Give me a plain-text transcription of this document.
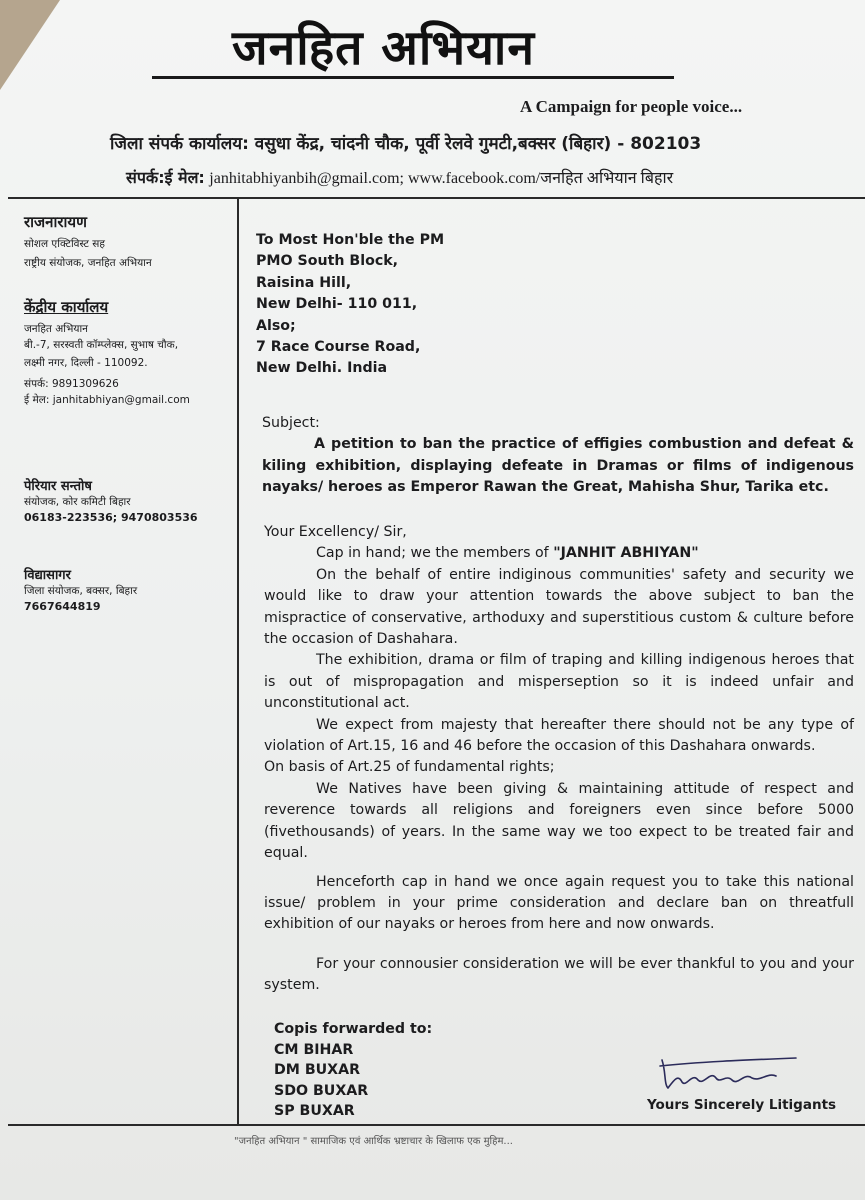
जनहित अभियान
A Campaign for people voice...
जिला संपर्क कार्यालय: वसुधा केंद्र, चांदनी चौक, पूर्वी रेलवे गुमटी,बक्सर (बिहार) - 802103
संपर्क:ई मेल: janhitabhiyanbih@gmail.com; www.facebook.com/जनहित अभियान बिहार
राजनारायण
सोशल एक्टिविस्ट सह
राष्ट्रीय संयोजक, जनहित अभियान
केंद्रीय कार्यालय
जनहित अभियान
बी.-7, सरस्वती कॉम्प्लेक्स, सुभाष चौक,
लक्ष्मी नगर, दिल्ली - 110092.
संपर्क: 9891309626
ई मेल: janhitabhiyan@gmail.com
पेरियार सन्तोष
संयोजक, कोर कमिटी बिहार
06183-223536; 9470803536
विद्यासागर
जिला संयोजक, बक्सर, बिहार
7667644819
To Most Hon'ble the PM
PMO South Block,
Raisina Hill,
New Delhi- 110 011,
Also;
7 Race Course Road,
New Delhi. India
Subject:
A petition to ban the practice of effigies combustion and defeat & kiling exhibition, displaying defeate in Dramas or films of indigenous nayaks/ heroes as Emperor Rawan the Great, Mahisha Shur, Tarika etc.
Your Excellency/ Sir,
Cap in hand; we the members of "JANHIT ABHIYAN"
On the behalf of entire indiginous communities' safety and security we would like to draw your attention towards the above subject to ban the mispractice of conservative, arthoduxy and superstitious custom & culture before the occasion of Dashahara.
The exhibition, drama or film of traping and killing indigenous heroes that is out of mispropagation and misperseption so it is indeed unfair and unconstitutional act.
We expect from majesty that hereafter there should not be any type of violation of Art.15, 16 and 46 before the occasion of this Dashahara onwards.
On basis of Art.25 of fundamental rights;
We Natives have been giving & maintaining attitude of respect and reverence towards all religions and foreigners even since before 5000 (fivethousands) of years. In the same way we too expect to be treated fair and equal.
Henceforth cap in hand we once again request you to take this national issue/ problem in your prime consideration and declare ban on threatfull exhibition of our nayaks or heroes from here and now onwards.
For your connousier consideration we will be ever thankful to you and your system.
Copis forwarded to:
CM BIHAR
DM BUXAR
SDO BUXAR
SP BUXAR	Yours Sincerely Litigants
"जनहित अभियान " सामाजिक एवं आर्थिक भ्रष्टाचार के खिलाफ एक मुहिम...
